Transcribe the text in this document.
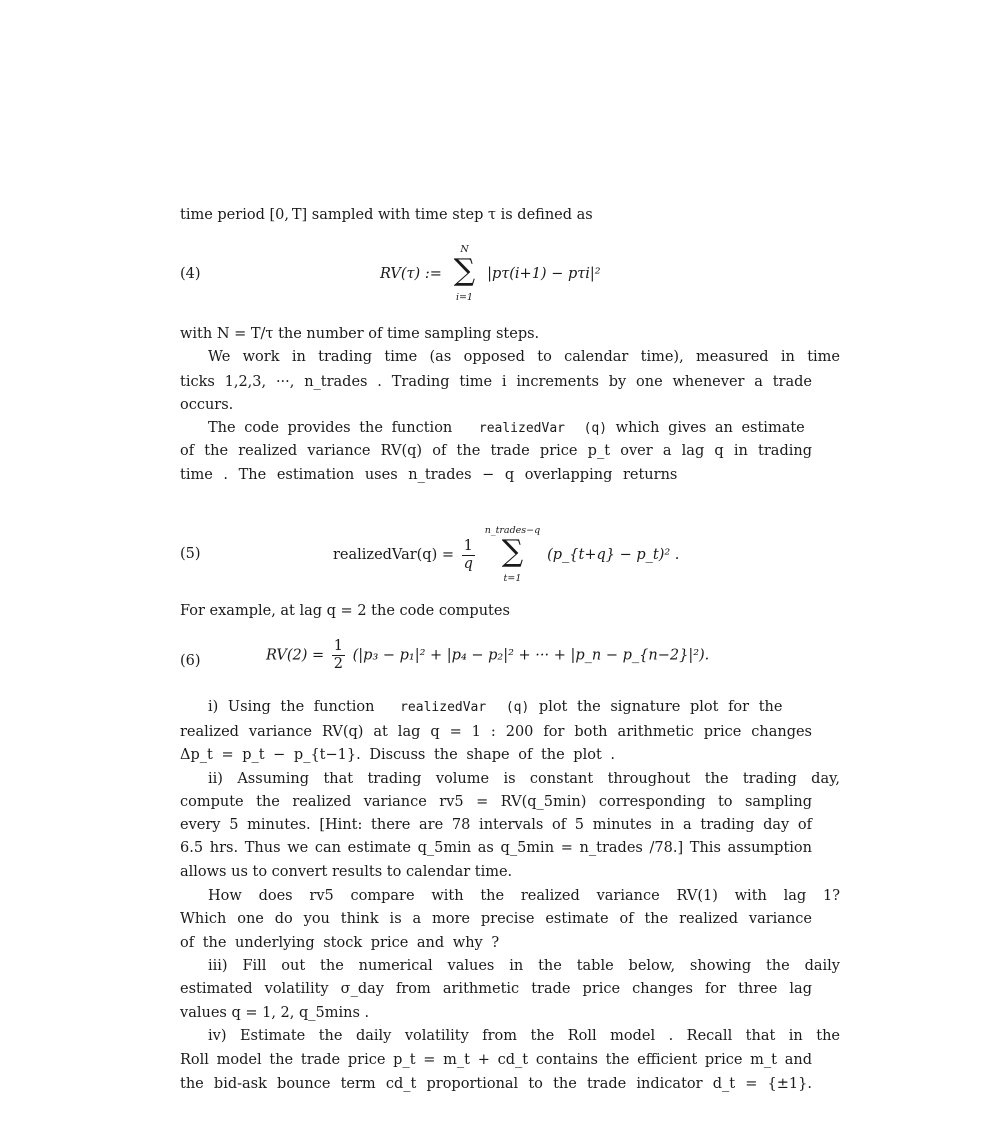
time period [0, T] sampled with time step τ is defined as
(4)	RV(τ) :=
N
∑
i=1
|pτ(i+1) − pτi|²
with N = T/τ the number of time sampling steps.
We work in trading time (as opposed to calendar time), measured in time
ticks 1,2,3, ···, n_trades . Trading time i increments by one whenever a trade
occurs.
The code provides the function realizedVar (q) which gives an estimate
of the realized variance RV(q) of the trade price p_t over a lag q in trading
time . The estimation uses n_trades − q overlapping returns
(5)	realizedVar(q) = $\frac{1}{q}$

n_trades−q
∑
t=1
(p_{t+q} − p_t)² .
For example, at lag q = 2 the code computes
(6)	$RV(2) = \frac{1}{2} (|p_3 - p_1|^2 + |p_4 - p_2|^2$ + ··· + |p_n − p_{n−2}|²).
i) Using the function realizedVar (q) plot the signature plot for the
realized variance RV(q) at lag q = 1 : 200 for both arithmetic price changes
Δp_t = p_t − p_{t−1}. Discuss the shape of the plot .
ii) Assuming that trading volume is constant throughout the trading day,
compute the realized variance rv5 = RV(q_5min) corresponding to sampling
every 5 minutes. [Hint: there are 78 intervals of 5 minutes in a trading day of
6.5 hrs. Thus we can estimate q_5min as q_5min = n_trades /78.] This assumption
allows us to convert results to calendar time.
How does rv5 compare with the realized variance RV(1) with lag 1?
Which one do you think is a more precise estimate of the realized variance
of the underlying stock price and why ?
iii) Fill out the numerical values in the table below, showing the daily
estimated volatility σ_day from arithmetic trade price changes for three lag
values q = 1, 2, q_5mins .
iv) Estimate the daily volatility from the Roll model . Recall that in the
Roll model the trade price p_t = m_t + cd_t contains the efficient price m_t and
the bid-ask bounce term cd_t proportional to the trade indicator d_t = {±1}.
